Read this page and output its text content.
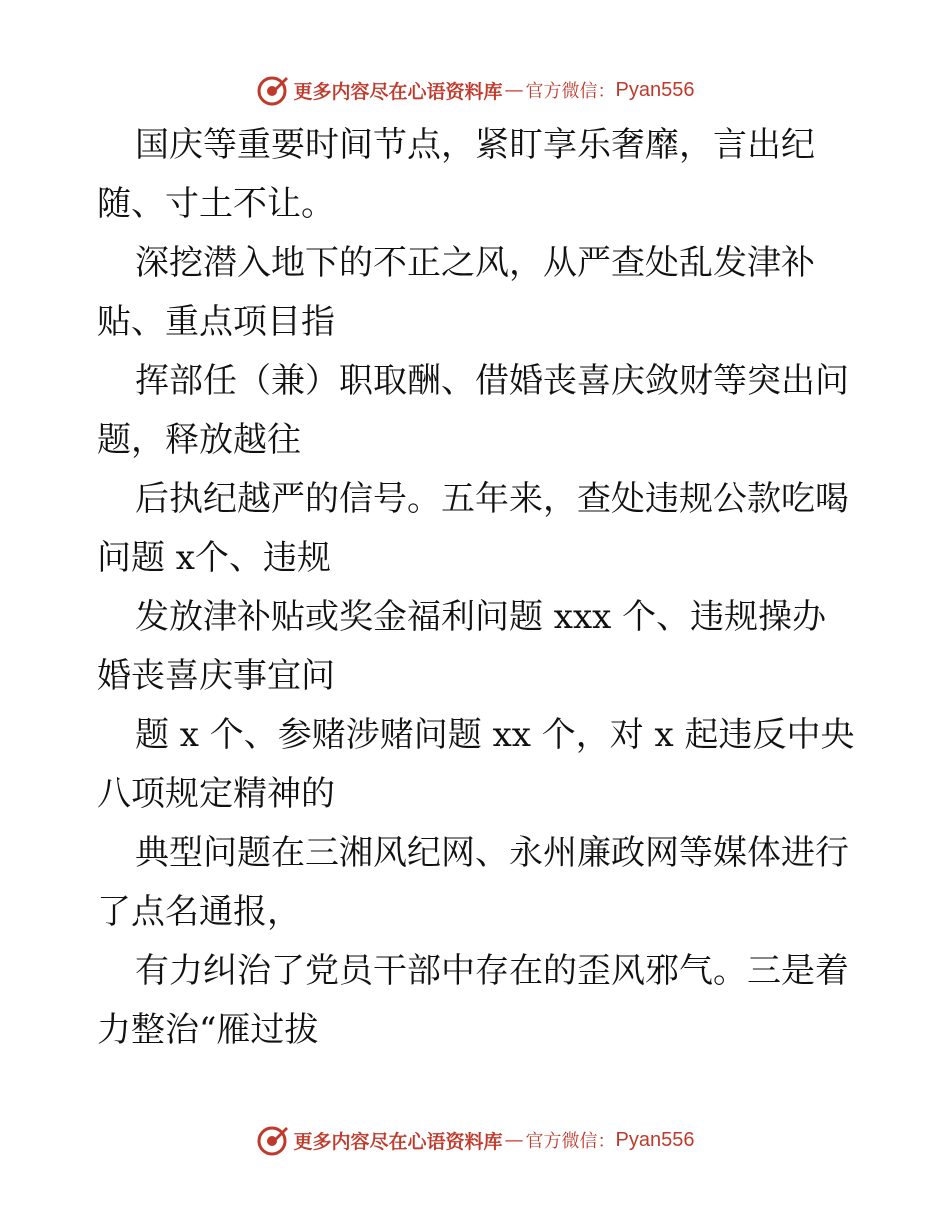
更多内容尽在心语资料库 — 官方微信： Pyan556
国庆等重要时间节点，紧盯享乐奢靡，言出纪
随、寸土不让。
深挖潜入地下的不正之风，从严查处乱发津补
贴、重点项目指
挥部任（兼）职取酬、借婚丧喜庆敛财等突出问
题，释放越往
后执纪越严的信号。五年来，查处违规公款吃喝
问题 x个、违规
发放津补贴或奖金福利问题 xxx 个、违规操办
婚丧喜庆事宜问
题 x 个、参赌涉赌问题 xx 个，对 x 起违反中央
八项规定精神的
典型问题在三湘风纪网、永州廉政网等媒体进行
了点名通报，
有力纠治了党员干部中存在的歪风邪气。三是着
力整治“雁过拔
更多内容尽在心语资料库 — 官方微信： Pyan556
